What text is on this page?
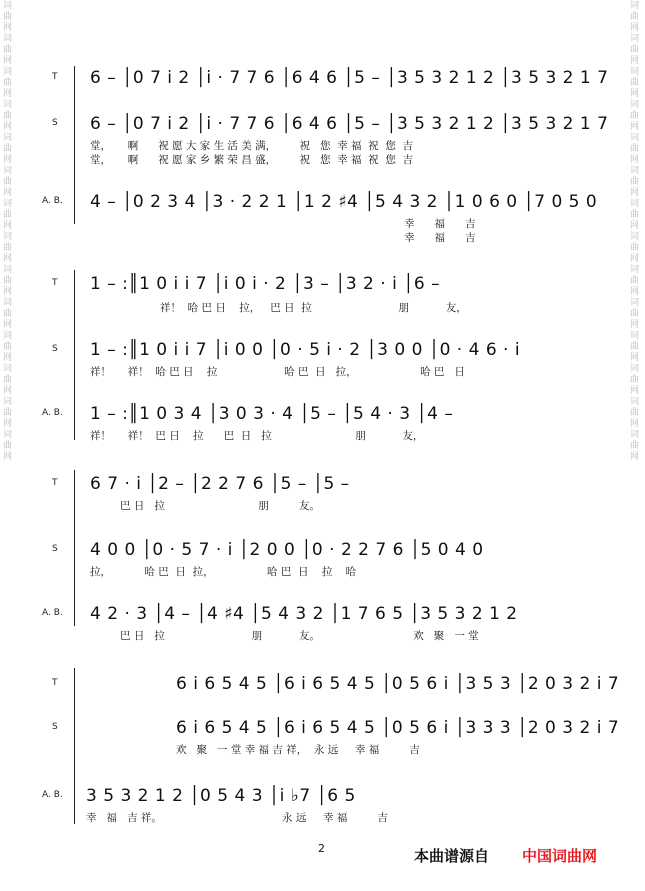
词曲网词曲网词曲网词曲网词曲网词曲网词曲网词曲网词曲网词曲网词曲网词曲网词曲网词曲网	词曲网词曲网词曲网词曲网词曲网词曲网词曲网词曲网词曲网词曲网词曲网词曲网词曲网词曲网
T 6 – │0 7 i 2 │i · 7 7 6 │6 4 6 │5 – │3 5 3 2 1 2 │3 5 3 2 1 7
S 6 – │0 7 i 2 │i · 7 7 6 │6 4 6 │5 – │3 5 3 2 1 2 │3 5 3 2 1 7
堂，     啊      祝 愿 大 家 生 活 美 满，       祝   您  幸 福  祝  您  吉
堂，     啊      祝 愿 家 乡 繁 荣 昌 盛，       祝   您  幸 福  祝  您  吉
A. B. 4 – │0 2 3 4 │3 · 2 2 1 │1 2 ♯4 │5 4 3 2 │1 0 6 0 │7 0 5 0
幸      福      吉
幸      福      吉
T 1 – :║1 0 i i 7 │i 0 i · 2 │3 – │3 2 · i │6 –
祥！  哈 巴 日    拉，   巴 日  拉                          朋           友，
S 1 – :║1 0 i i 7 │i 0 0 │0 · 5 i · 2 │3 0 0 │0 · 4 6 · i
祥！     祥！  哈 巴 日    拉                    哈 巴  日   拉，                   哈 巴   日
A. B. 1 – :║1 0 3 4 │3 0 3 · 4 │5 – │5 4 · 3 │4 –
祥！     祥！  巴 日    拉      巴  日   拉                         朋           友，
T 6 7 · i │2 – │2 2 7 6 │5 – │5 –
巴 日   拉                            朋         友。
S 4 0 0 │0 · 5 7 · i │2 0 0 │0 · 2 2 7 6 │5 0 4 0
拉，          哈 巴  日  拉，                哈 巴  日    拉    哈
A. B. 4 2 · 3 │4 – │4 ♯4 │5 4 3 2 │1 7 6 5 │3 5 3 2 1 2
巴 日   拉                          朋           友。                            欢   聚   一 堂
T	6 i 6 5 4 5 │6 i 6 5 4 5 │0 5 6 i │3 5 3 │2 0 3 2 i 7
S	6 i 6 5 4 5 │6 i 6 5 4 5 │0 5 6 i │3 3 3 │2 0 3 2 i 7
欢   聚   一 堂 幸 福 吉 祥，  永 远     幸 福         吉
A. B. 3 5 3 2 1 2 │0 5 4 3 │i ♭7 │6 5
幸   福   吉 祥。                                    永 远     幸 福         吉
2	本曲谱源自 中国词曲网
